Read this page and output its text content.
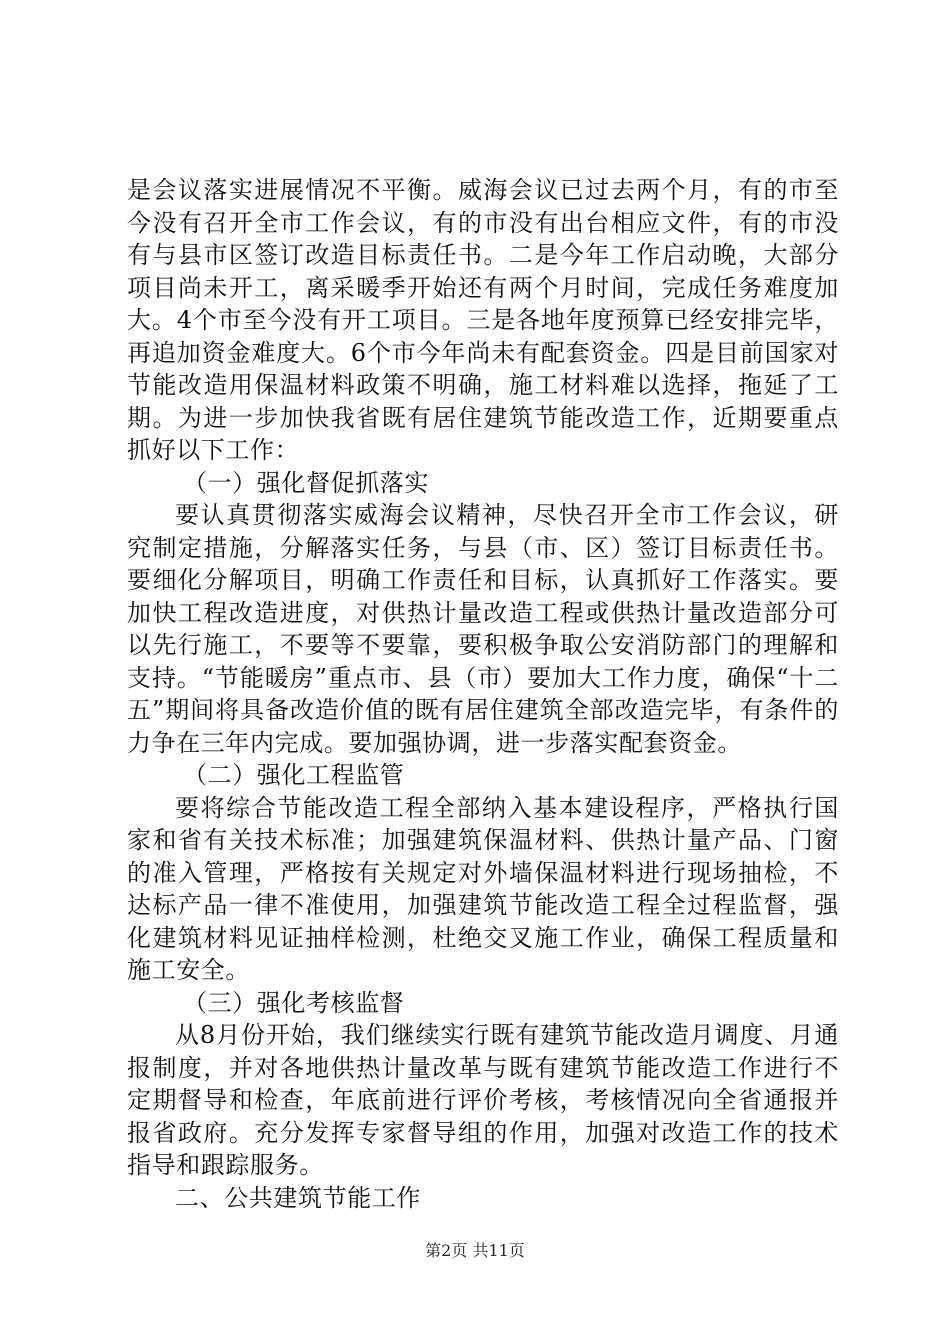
是会议落实进展情况不平衡。威海会议已过去两个月，有的市至今没有召开全市工作会议，有的市没有出台相应文件，有的市没有与县市区签订改造目标责任书。二是今年工作启动晚，大部分项目尚未开工，离采暖季开始还有两个月时间，完成任务难度加大。4个市至今没有开工项目。三是各地年度预算已经安排完毕，再追加资金难度大。6个市今年尚未有配套资金。四是目前国家对节能改造用保温材料政策不明确，施工材料难以选择，拖延了工期。为进一步加快我省既有居住建筑节能改造工作，近期要重点抓好以下工作：

（一）强化督促抓落实

要认真贯彻落实威海会议精神，尽快召开全市工作会议，研究制定措施，分解落实任务，与县（市、区）签订目标责任书。要细化分解项目，明确工作责任和目标，认真抓好工作落实。要加快工程改造进度，对供热计量改造工程或供热计量改造部分可以先行施工，不要等不要靠，要积极争取公安消防部门的理解和支持。“节能暖房”重点市、县（市）要加大工作力度，确保“十二五”期间将具备改造价值的既有居住建筑全部改造完毕，有条件的力争在三年内完成。要加强协调，进一步落实配套资金。

（二）强化工程监管

要将综合节能改造工程全部纳入基本建设程序，严格执行国家和省有关技术标准；加强建筑保温材料、供热计量产品、门窗的准入管理，严格按有关规定对外墙保温材料进行现场抽检，不达标产品一律不准使用，加强建筑节能改造工程全过程监督，强化建筑材料见证抽样检测，杜绝交叉施工作业，确保工程质量和施工安全。

（三）强化考核监督

从8月份开始，我们继续实行既有建筑节能改造月调度、月通报制度，并对各地供热计量改革与既有建筑节能改造工作进行不定期督导和检查，年底前进行评价考核，考核情况向全省通报并报省政府。充分发挥专家督导组的作用，加强对改造工作的技术指导和跟踪服务。

二、公共建筑节能工作

第2页 共11页
